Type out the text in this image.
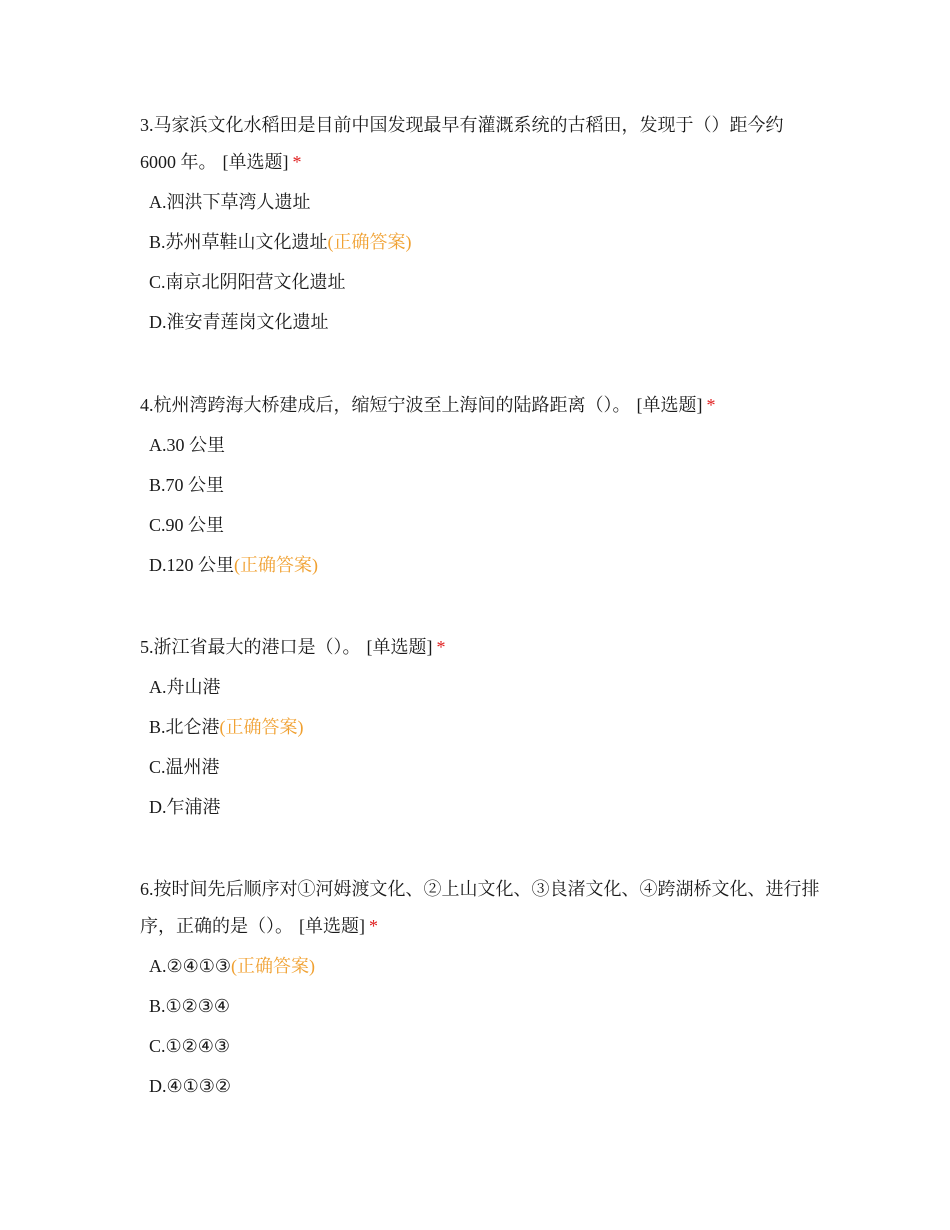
3.马家浜文化水稻田是目前中国发现最早有灌溉系统的古稻田，发现于（）距今约 6000 年。 [单选题] *

A.泗洪下草湾人遗址
B.苏州草鞋山文化遗址(正确答案)
C.南京北阴阳营文化遗址
D.淮安青莲岗文化遗址

4.杭州湾跨海大桥建成后，缩短宁波至上海间的陆路距离（）。 [单选题] *

A.30 公里
B.70 公里
C.90 公里
D.120 公里(正确答案)

5.浙江省最大的港口是（）。 [单选题] *

A.舟山港
B.北仑港(正确答案)
C.温州港
D.乍浦港

6.按时间先后顺序对①河姆渡文化、②上山文化、③良渚文化、④跨湖桥文化、进行排序，正确的是（）。 [单选题] *

A.②④①③(正确答案)
B.①②③④
C.①②④③
D.④①③②
